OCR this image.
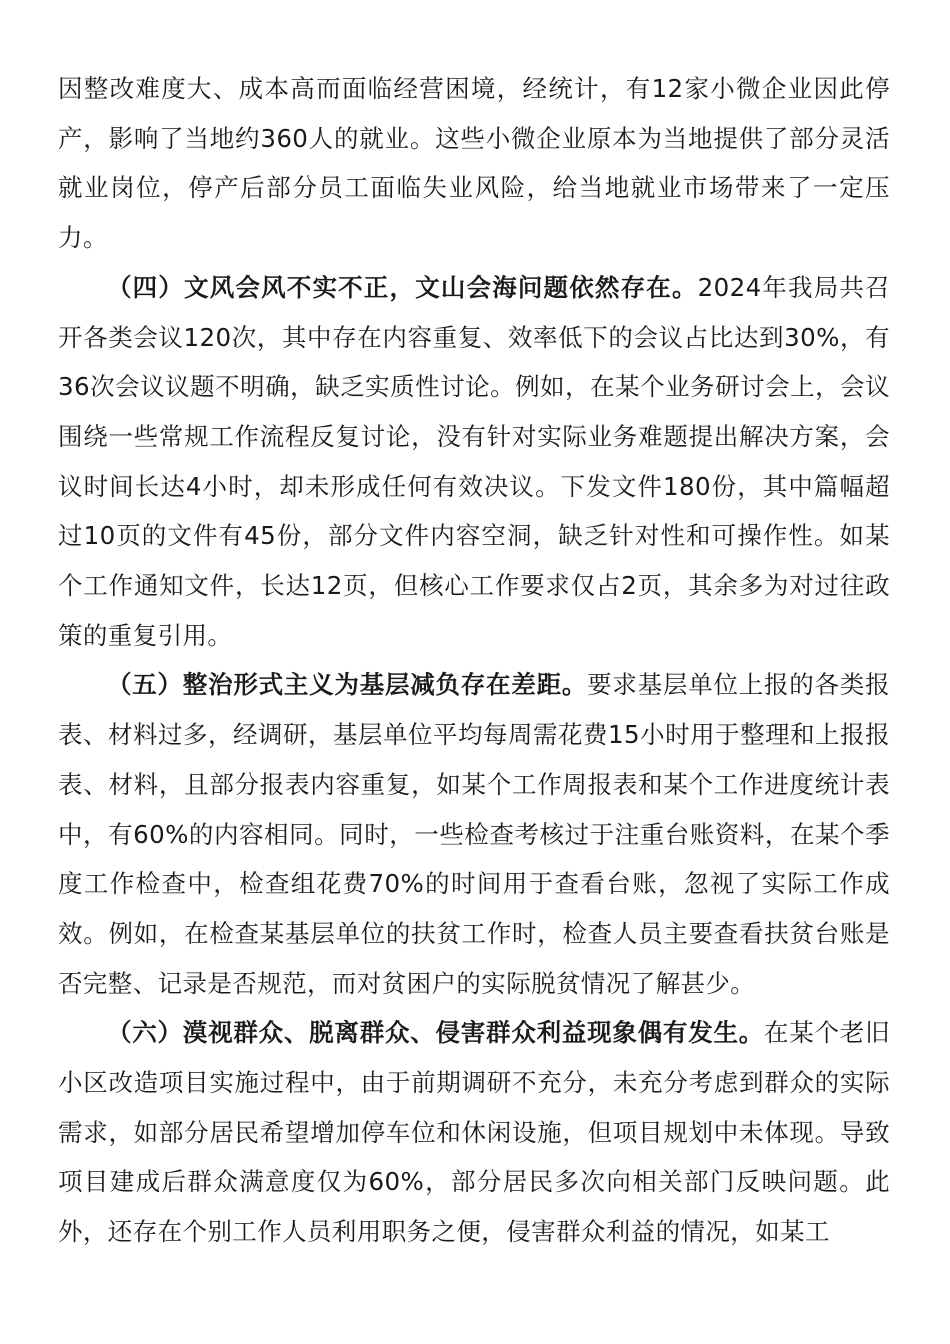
因整改难度大、成本高而面临经营困境，经统计，有12家小微企业因此停产，影响了当地约360人的就业。这些小微企业原本为当地提供了部分灵活就业岗位，停产后部分员工面临失业风险，给当地就业市场带来了一定压力。

（四）文风会风不实不正，文山会海问题依然存在。2024年我局共召开各类会议120次，其中存在内容重复、效率低下的会议占比达到30%，有36次会议议题不明确，缺乏实质性讨论。例如，在某个业务研讨会上，会议围绕一些常规工作流程反复讨论，没有针对实际业务难题提出解决方案，会议时间长达4小时，却未形成任何有效决议。下发文件180份，其中篇幅超过10页的文件有45份，部分文件内容空洞，缺乏针对性和可操作性。如某个工作通知文件，长达12页，但核心工作要求仅占2页，其余多为对过往政策的重复引用。

（五）整治形式主义为基层减负存在差距。要求基层单位上报的各类报表、材料过多，经调研，基层单位平均每周需花费15小时用于整理和上报报表、材料，且部分报表内容重复，如某个工作周报表和某个工作进度统计表中，有60%的内容相同。同时，一些检查考核过于注重台账资料，在某个季度工作检查中，检查组花费70%的时间用于查看台账，忽视了实际工作成效。例如，在检查某基层单位的扶贫工作时，检查人员主要查看扶贫台账是否完整、记录是否规范，而对贫困户的实际脱贫情况了解甚少。

（六）漠视群众、脱离群众、侵害群众利益现象偶有发生。在某个老旧小区改造项目实施过程中，由于前期调研不充分，未充分考虑到群众的实际需求，如部分居民希望增加停车位和休闲设施，但项目规划中未体现。导致项目建成后群众满意度仅为60%，部分居民多次向相关部门反映问题。此外，还存在个别工作人员利用职务之便，侵害群众利益的情况，如某工
